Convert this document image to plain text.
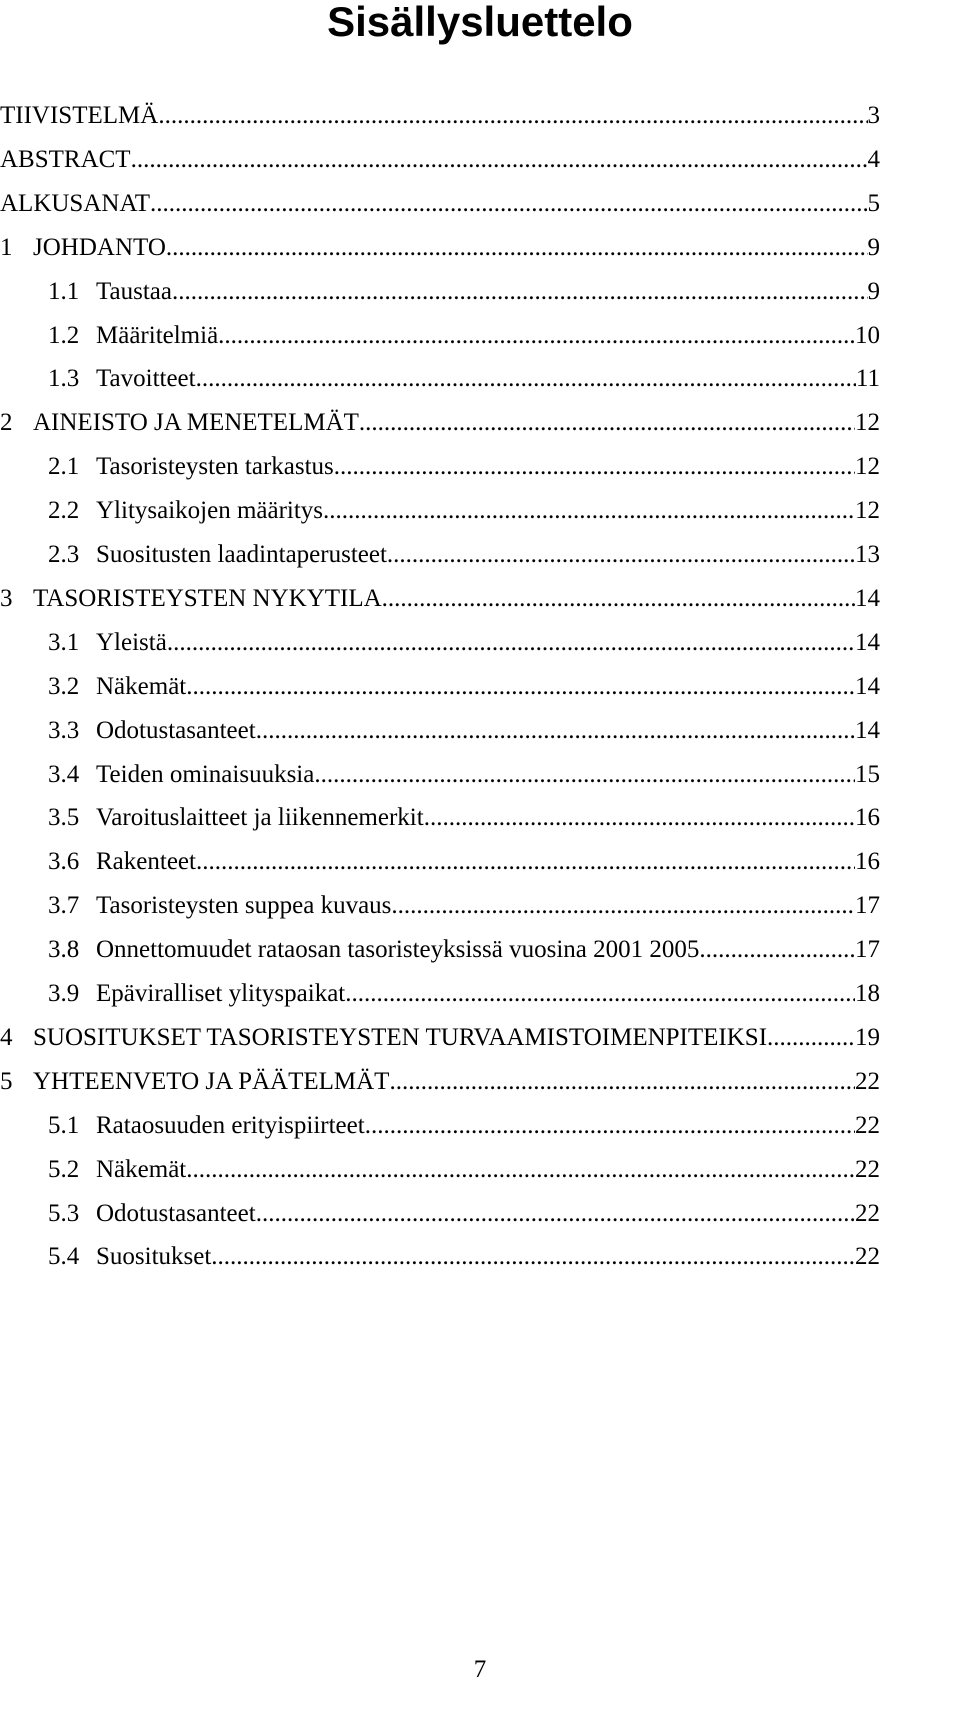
Sisällysluettelo
TIIVISTELMÄ .....	3
ABSTRACT .....	4
ALKUSANAT .....	5
1 JOHDANTO .....	9
1.1 Taustaa .....	9
1.2 Määritelmiä .....	10
1.3 Tavoitteet .....	11
2 AINEISTO JA MENETELMÄT .....	12
2.1 Tasoristeysten tarkastus .....	12
2.2 Ylitysaikojen määritys .....	12
2.3 Suositusten laadintaperusteet .....	13
3 TASORISTEYSTEN NYKYTILA .....	14
3.1 Yleistä .....	14
3.2 Näkemät .....	14
3.3 Odotustasanteet .....	14
3.4 Teiden ominaisuuksia .....	15
3.5 Varoituslaitteet ja liikennemerkit .....	16
3.6 Rakenteet .....	16
3.7 Tasoristeysten suppea kuvaus .....	17
3.8 Onnettomuudet rataosan tasoristeyksissä vuosina 2001 2005 .....	17
3.9 Epäviralliset ylityspaikat .....	18
4 SUOSITUKSET TASORISTEYSTEN TURVAAMISTOIMENPITEIKSI .....	19
5 YHTEENVETO JA PÄÄTELMÄT .....	22
5.1 Rataosuuden erityispiirteet .....	22
5.2 Näkemät .....	22
5.3 Odotustasanteet .....	22
5.4 Suositukset .....	22
7
